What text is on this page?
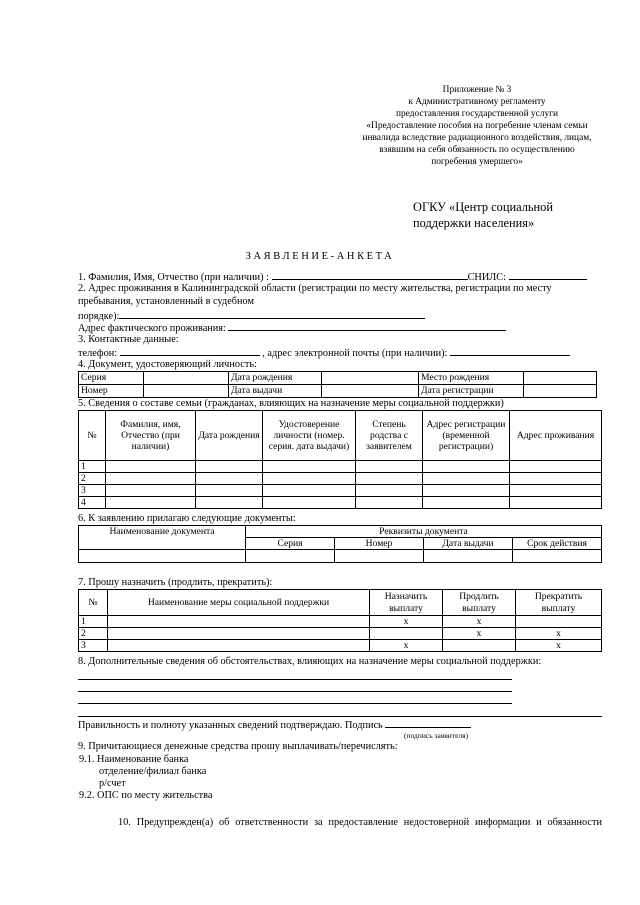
Приложение № 3
к Административному регламенту
предоставления государственной услуги
«Предоставление пособия на погребение членам семьи
инвалида вследствие радиационного воздействия, лицам,
взявшим на себя обязанность по осуществлению
погребения умершего»
ОГКУ «Центр социальной
поддержки населения»
ЗАЯВЛЕНИЕ-АНКЕТА
1. Фамилия, Имя, Отчество (при наличии) :	СНИЛС:
2. Адрес проживания в Калининградской области (регистрации по месту жительства, регистрации по месту
пребывания, установленный в судебном
порядке):
Адрес фактического проживания:
3. Контактные данные:
телефон:	, адрес электронной почты (при наличии):
4. Документ, удостоверяющий личность:
Серия		Дата рождения		Место рождения	
Номер		Дата выдачи		Дата регистрации	
5. Сведения о составе семьи (гражданах, влияющих на назначение меры социальной поддержки)
№	Фамилия, имя, Отчество (при наличии)	Дата рождения	Удостоверение личности (номер. серия. дата выдачи)	Степень родства с заявителем	Адрес регистрации (временной регистрации)	Адрес проживания
1						
2						
3						
4						
6. К заявлению прилагаю следующие документы:
Наименование документа	Реквизиты документа			
	Серия	Номер	Дата выдачи	Срок действия

7. Прошу назначить (продлить, прекратить):
№	Наименование меры социальной поддержки	Назначить выплату	Продлить выплату	Прекратить выплату
1		x	x	
2			x	x
3		x		x
8. Дополнительные сведения об обстоятельствах, влияющих на назначение меры социальной поддержки:
Правильность и полноту указанных сведений подтверждаю. Подпись
(подпись заявителя)
9. Причитающиеся денежные средства прошу выплачивать/перечислять:
9.1. Наименование банка
отделение/филиал банка
р/счет
9.2. ОПС по месту жительства
10. Предупрежден(а) об ответственности за предоставление недостоверной информации и обязанности
